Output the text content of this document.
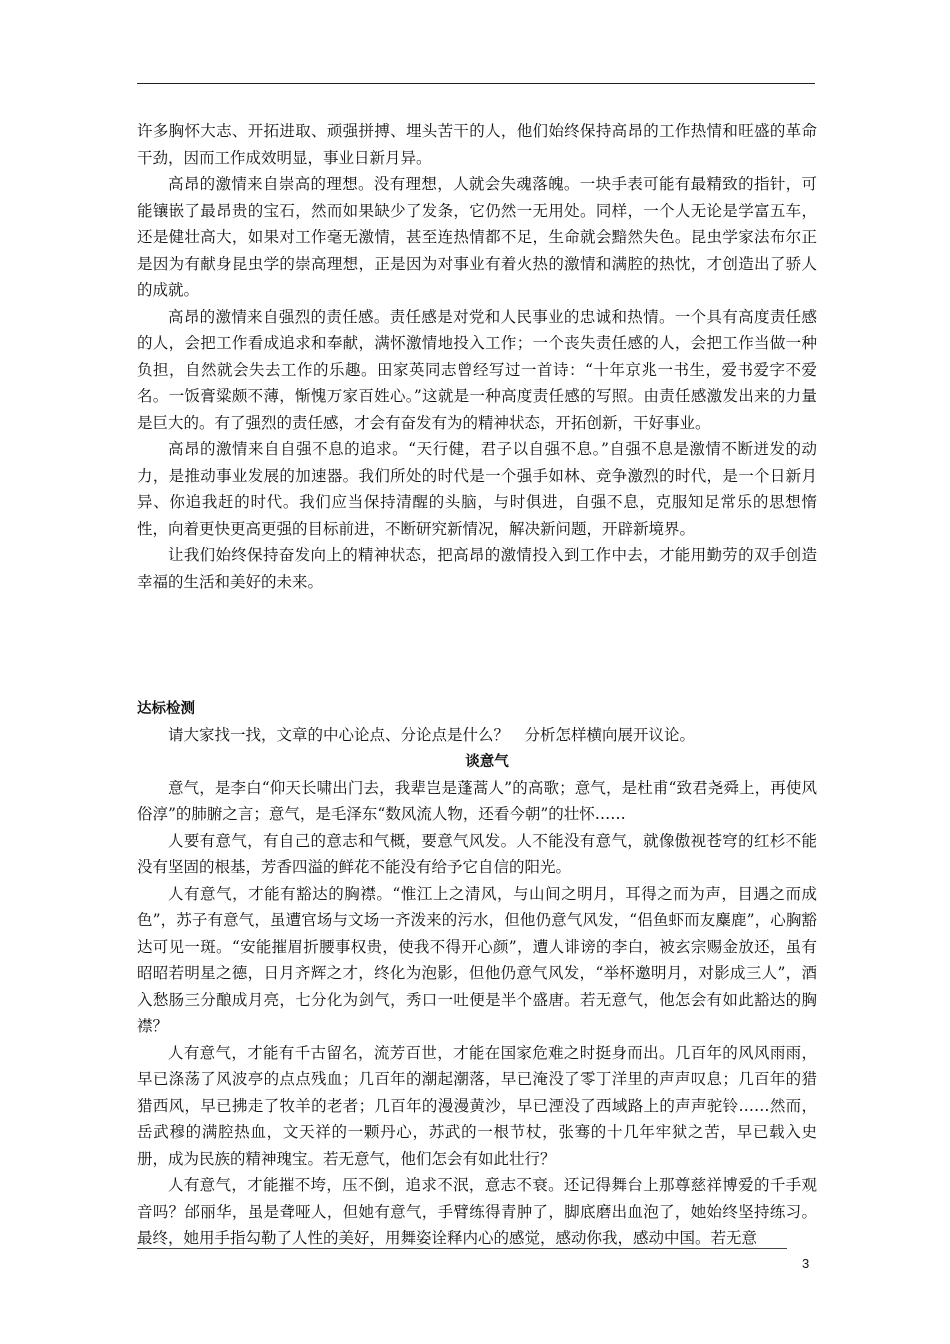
许多胸怀大志、开拓进取、顽强拼搏、埋头苦干的人，他们始终保持高昂的工作热情和旺盛的革命干劲，因而工作成效明显，事业日新月异。

高昂的激情来自崇高的理想。没有理想，人就会失魂落魄。一块手表可能有最精致的指针，可能镶嵌了最昂贵的宝石，然而如果缺少了发条，它仍然一无用处。同样，一个人无论是学富五车，还是健壮高大，如果对工作毫无激情，甚至连热情都不足，生命就会黯然失色。昆虫学家法布尔正是因为有献身昆虫学的崇高理想，正是因为对事业有着火热的激情和满腔的热忱，才创造出了骄人的成就。

高昂的激情来自强烈的责任感。责任感是对党和人民事业的忠诚和热情。一个具有高度责任感的人，会把工作看成追求和奉献，满怀激情地投入工作；一个丧失责任感的人，会把工作当做一种负担，自然就会失去工作的乐趣。田家英同志曾经写过一首诗：“十年京兆一书生，爱书爱字不爱名。一饭膏粱颇不薄，惭愧万家百姓心。”这就是一种高度责任感的写照。由责任感激发出来的力量是巨大的。有了强烈的责任感，才会有奋发有为的精神状态，开拓创新，干好事业。

高昂的激情来自自强不息的追求。“天行健，君子以自强不息。”自强不息是激情不断迸发的动力，是推动事业发展的加速器。我们所处的时代是一个强手如林、竞争激烈的时代，是一个日新月异、你追我赶的时代。我们应当保持清醒的头脑，与时俱进，自强不息，克服知足常乐的思想惰性，向着更快更高更强的目标前进，不断研究新情况，解决新问题，开辟新境界。

让我们始终保持奋发向上的精神状态，把高昂的激情投入到工作中去，才能用勤劳的双手创造幸福的生活和美好的未来。

达标检测

请大家找一找，文章的中心论点、分论点是什么？　分析怎样横向展开议论。

谈意气

意气，是李白“仰天长啸出门去，我辈岂是蓬蒿人”的高歌；意气，是杜甫“致君尧舜上，再使风俗淳”的肺腑之言；意气，是毛泽东“数风流人物，还看今朝”的壮怀……

人要有意气，有自己的意志和气概，要意气风发。人不能没有意气，就像傲视苍穹的红杉不能没有坚固的根基，芳香四溢的鲜花不能没有给予它自信的阳光。

人有意气，才能有豁达的胸襟。“惟江上之清风，与山间之明月，耳得之而为声，目遇之而成色”，苏子有意气，虽遭官场与文场一齐泼来的污水，但他仍意气风发，“侣鱼虾而友麋鹿”，心胸豁达可见一斑。“安能摧眉折腰事权贵，使我不得开心颜”，遭人诽谤的李白，被玄宗赐金放还，虽有昭昭若明星之德，日月齐辉之才，终化为泡影，但他仍意气风发，“举杯邀明月，对影成三人”，酒入愁肠三分酿成月亮，七分化为剑气，秀口一吐便是半个盛唐。若无意气，他怎会有如此豁达的胸襟？

人有意气，才能有千古留名，流芳百世，才能在国家危难之时挺身而出。几百年的风风雨雨，早已涤荡了风波亭的点点残血；几百年的潮起潮落，早已淹没了零丁洋里的声声叹息；几百年的猎猎西风，早已拂走了牧羊的老者；几百年的漫漫黄沙，早已湮没了西域路上的声声驼铃……然而，岳武穆的满腔热血，文天祥的一颗丹心，苏武的一根节杖，张骞的十几年牢狱之苦，早已载入史册，成为民族的精神瑰宝。若无意气，他们怎会有如此壮行？

人有意气，才能摧不垮，压不倒，追求不泯，意志不衰。还记得舞台上那尊慈祥博爱的千手观音吗？邰丽华，虽是聋哑人，但她有意气，手臂练得青肿了，脚底磨出血泡了，她始终坚持练习。最终，她用手指勾勒了人性的美好，用舞姿诠释内心的感觉，感动你我，感动中国。若无意

3
